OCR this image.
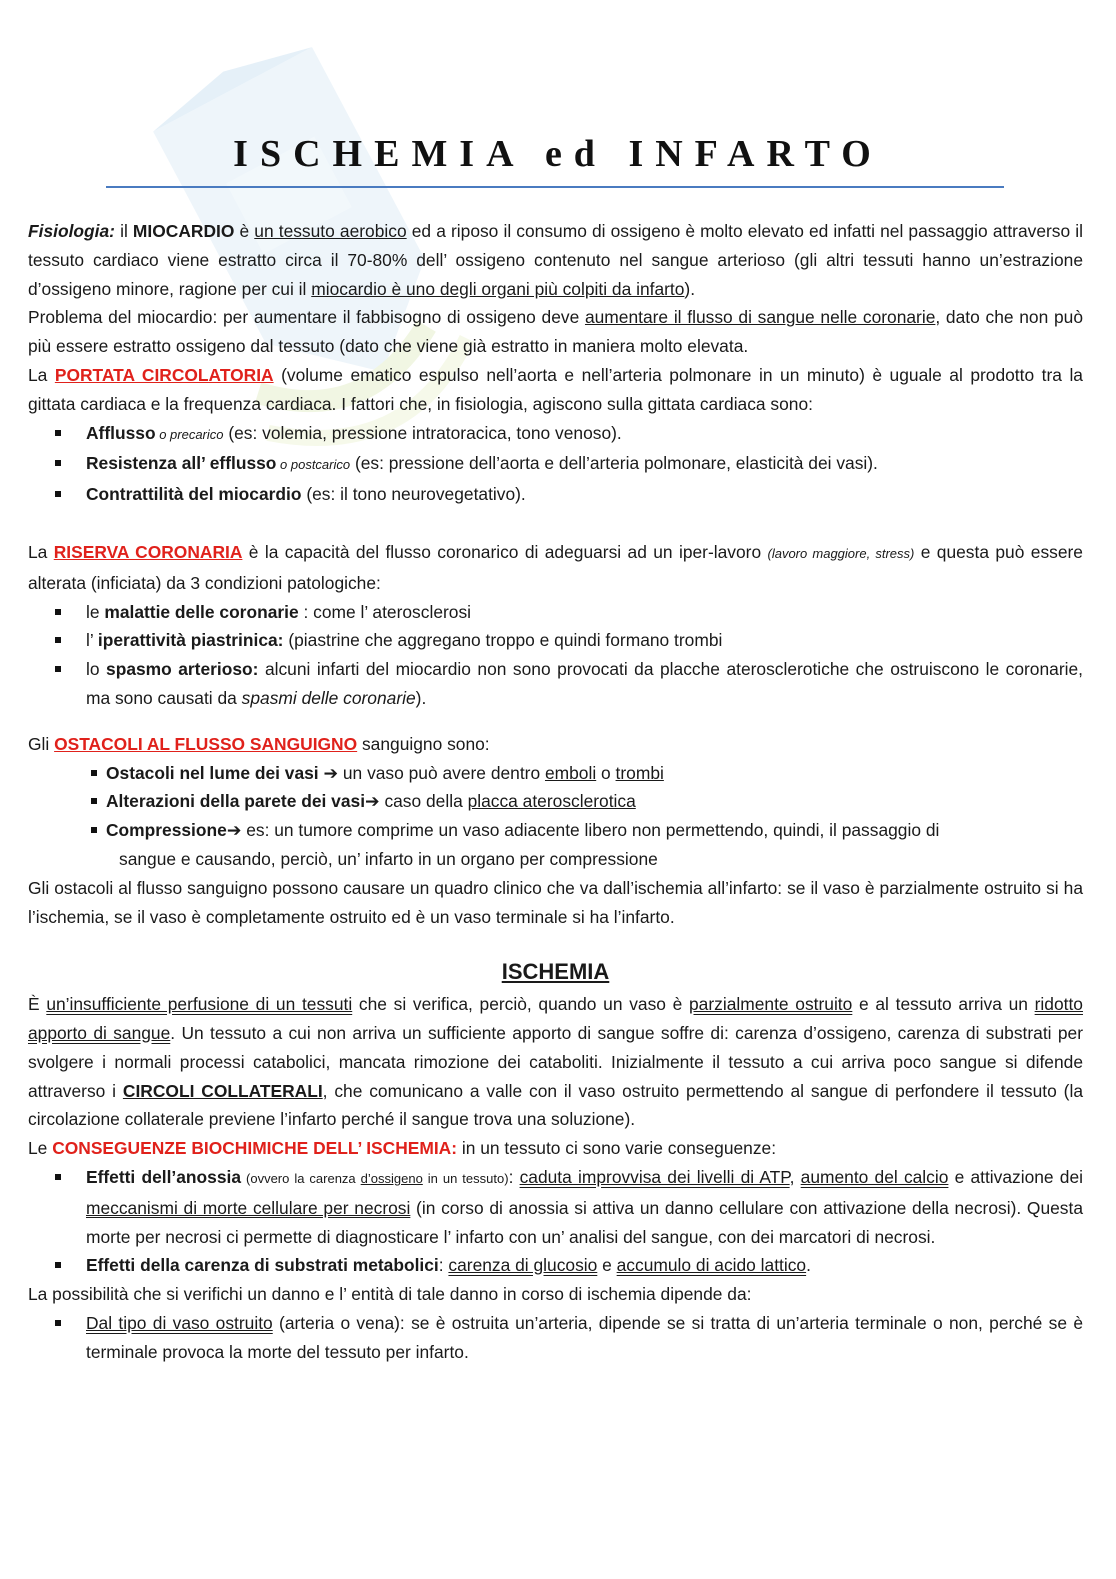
ISCHEMIA ed INFARTO

Fisiologia: il MIOCARDIO è un tessuto aerobico ed a riposo il consumo di ossigeno è molto elevato ed infatti nel passaggio attraverso il tessuto cardiaco viene estratto circa il 70-80% dell’ ossigeno contenuto nel sangue arterioso (gli altri tessuti hanno un’estrazione d’ossigeno minore, ragione per cui il miocardio è uno degli organi più colpiti da infarto).

Problema del miocardio: per aumentare il fabbisogno di ossigeno deve aumentare il flusso di sangue nelle coronarie, dato che non può più essere estratto ossigeno dal tessuto (dato che viene già estratto in maniera molto elevata.

La PORTATA CIRCOLATORIA (volume ematico espulso nell’aorta e nell’arteria polmonare in un minuto) è uguale al prodotto tra la gittata cardiaca e la frequenza cardiaca. I fattori che, in fisiologia, agiscono sulla gittata cardiaca sono:

Afflusso o precarico (es: volemia, pressione intratoracica, tono venoso).
Resistenza all’ efflusso o postcarico (es: pressione dell’aorta e dell’arteria polmonare, elasticità dei vasi).
Contrattilità del miocardio (es: il tono neurovegetativo).

La RISERVA CORONARIA è la capacità del flusso coronarico di adeguarsi ad un iper-lavoro (lavoro maggiore, stress) e questa può essere alterata (inficiata) da 3 condizioni patologiche:

le malattie delle coronarie : come l’ aterosclerosi
l’ iperattività piastrinica: (piastrine che aggregano troppo e quindi formano trombi
lo spasmo arterioso: alcuni infarti del miocardio non sono provocati da placche aterosclerotiche che ostruiscono le coronarie, ma sono causati da spasmi delle coronarie).

Gli OSTACOLI AL FLUSSO SANGUIGNO sanguigno sono:

Ostacoli nel lume dei vasi ➔ un vaso può avere dentro emboli o trombi
Alterazioni della parete dei vasi➔ caso della placca aterosclerotica
Compressione➔ es: un tumore comprime un vaso adiacente libero non permettendo, quindi, il passaggio di
sangue e causando, perciò, un’ infarto in un organo per compressione

Gli ostacoli al flusso sanguigno possono causare un quadro clinico che va dall’ischemia all’infarto: se il vaso è parzialmente ostruito si ha l’ischemia, se il vaso è completamente ostruito ed è un vaso terminale si ha l’infarto.

ISCHEMIA

È un’insufficiente perfusione di un tessuti che si verifica, perciò, quando un vaso è parzialmente ostruito e al tessuto arriva un ridotto apporto di sangue. Un tessuto a cui non arriva un sufficiente apporto di sangue soffre di: carenza d’ossigeno, carenza di substrati per svolgere i normali processi catabolici, mancata rimozione dei cataboliti. Inizialmente il tessuto a cui arriva poco sangue si difende attraverso i CIRCOLI COLLATERALI, che comunicano a valle con il vaso ostruito permettendo al sangue di perfondere il tessuto (la circolazione collaterale previene l’infarto perché il sangue trova una soluzione).

Le CONSEGUENZE BIOCHIMICHE DELL’ ISCHEMIA: in un tessuto ci sono varie conseguenze:

Effetti dell’anossia (ovvero la carenza d’ossigeno in un tessuto): caduta improvvisa dei livelli di ATP, aumento del calcio e attivazione dei meccanismi di morte cellulare per necrosi (in corso di anossia si attiva un danno cellulare con attivazione della necrosi). Questa morte per necrosi ci permette di diagnosticare l’ infarto con un’ analisi del sangue, con dei marcatori di necrosi.
Effetti della carenza di substrati metabolici: carenza di glucosio e accumulo di acido lattico.

La possibilità che si verifichi un danno e l’ entità di tale danno in corso di ischemia dipende da:

Dal tipo di vaso ostruito (arteria o vena): se è ostruita un’arteria, dipende se si tratta di un’arteria terminale o non, perché se è terminale provoca la morte del tessuto per infarto.
